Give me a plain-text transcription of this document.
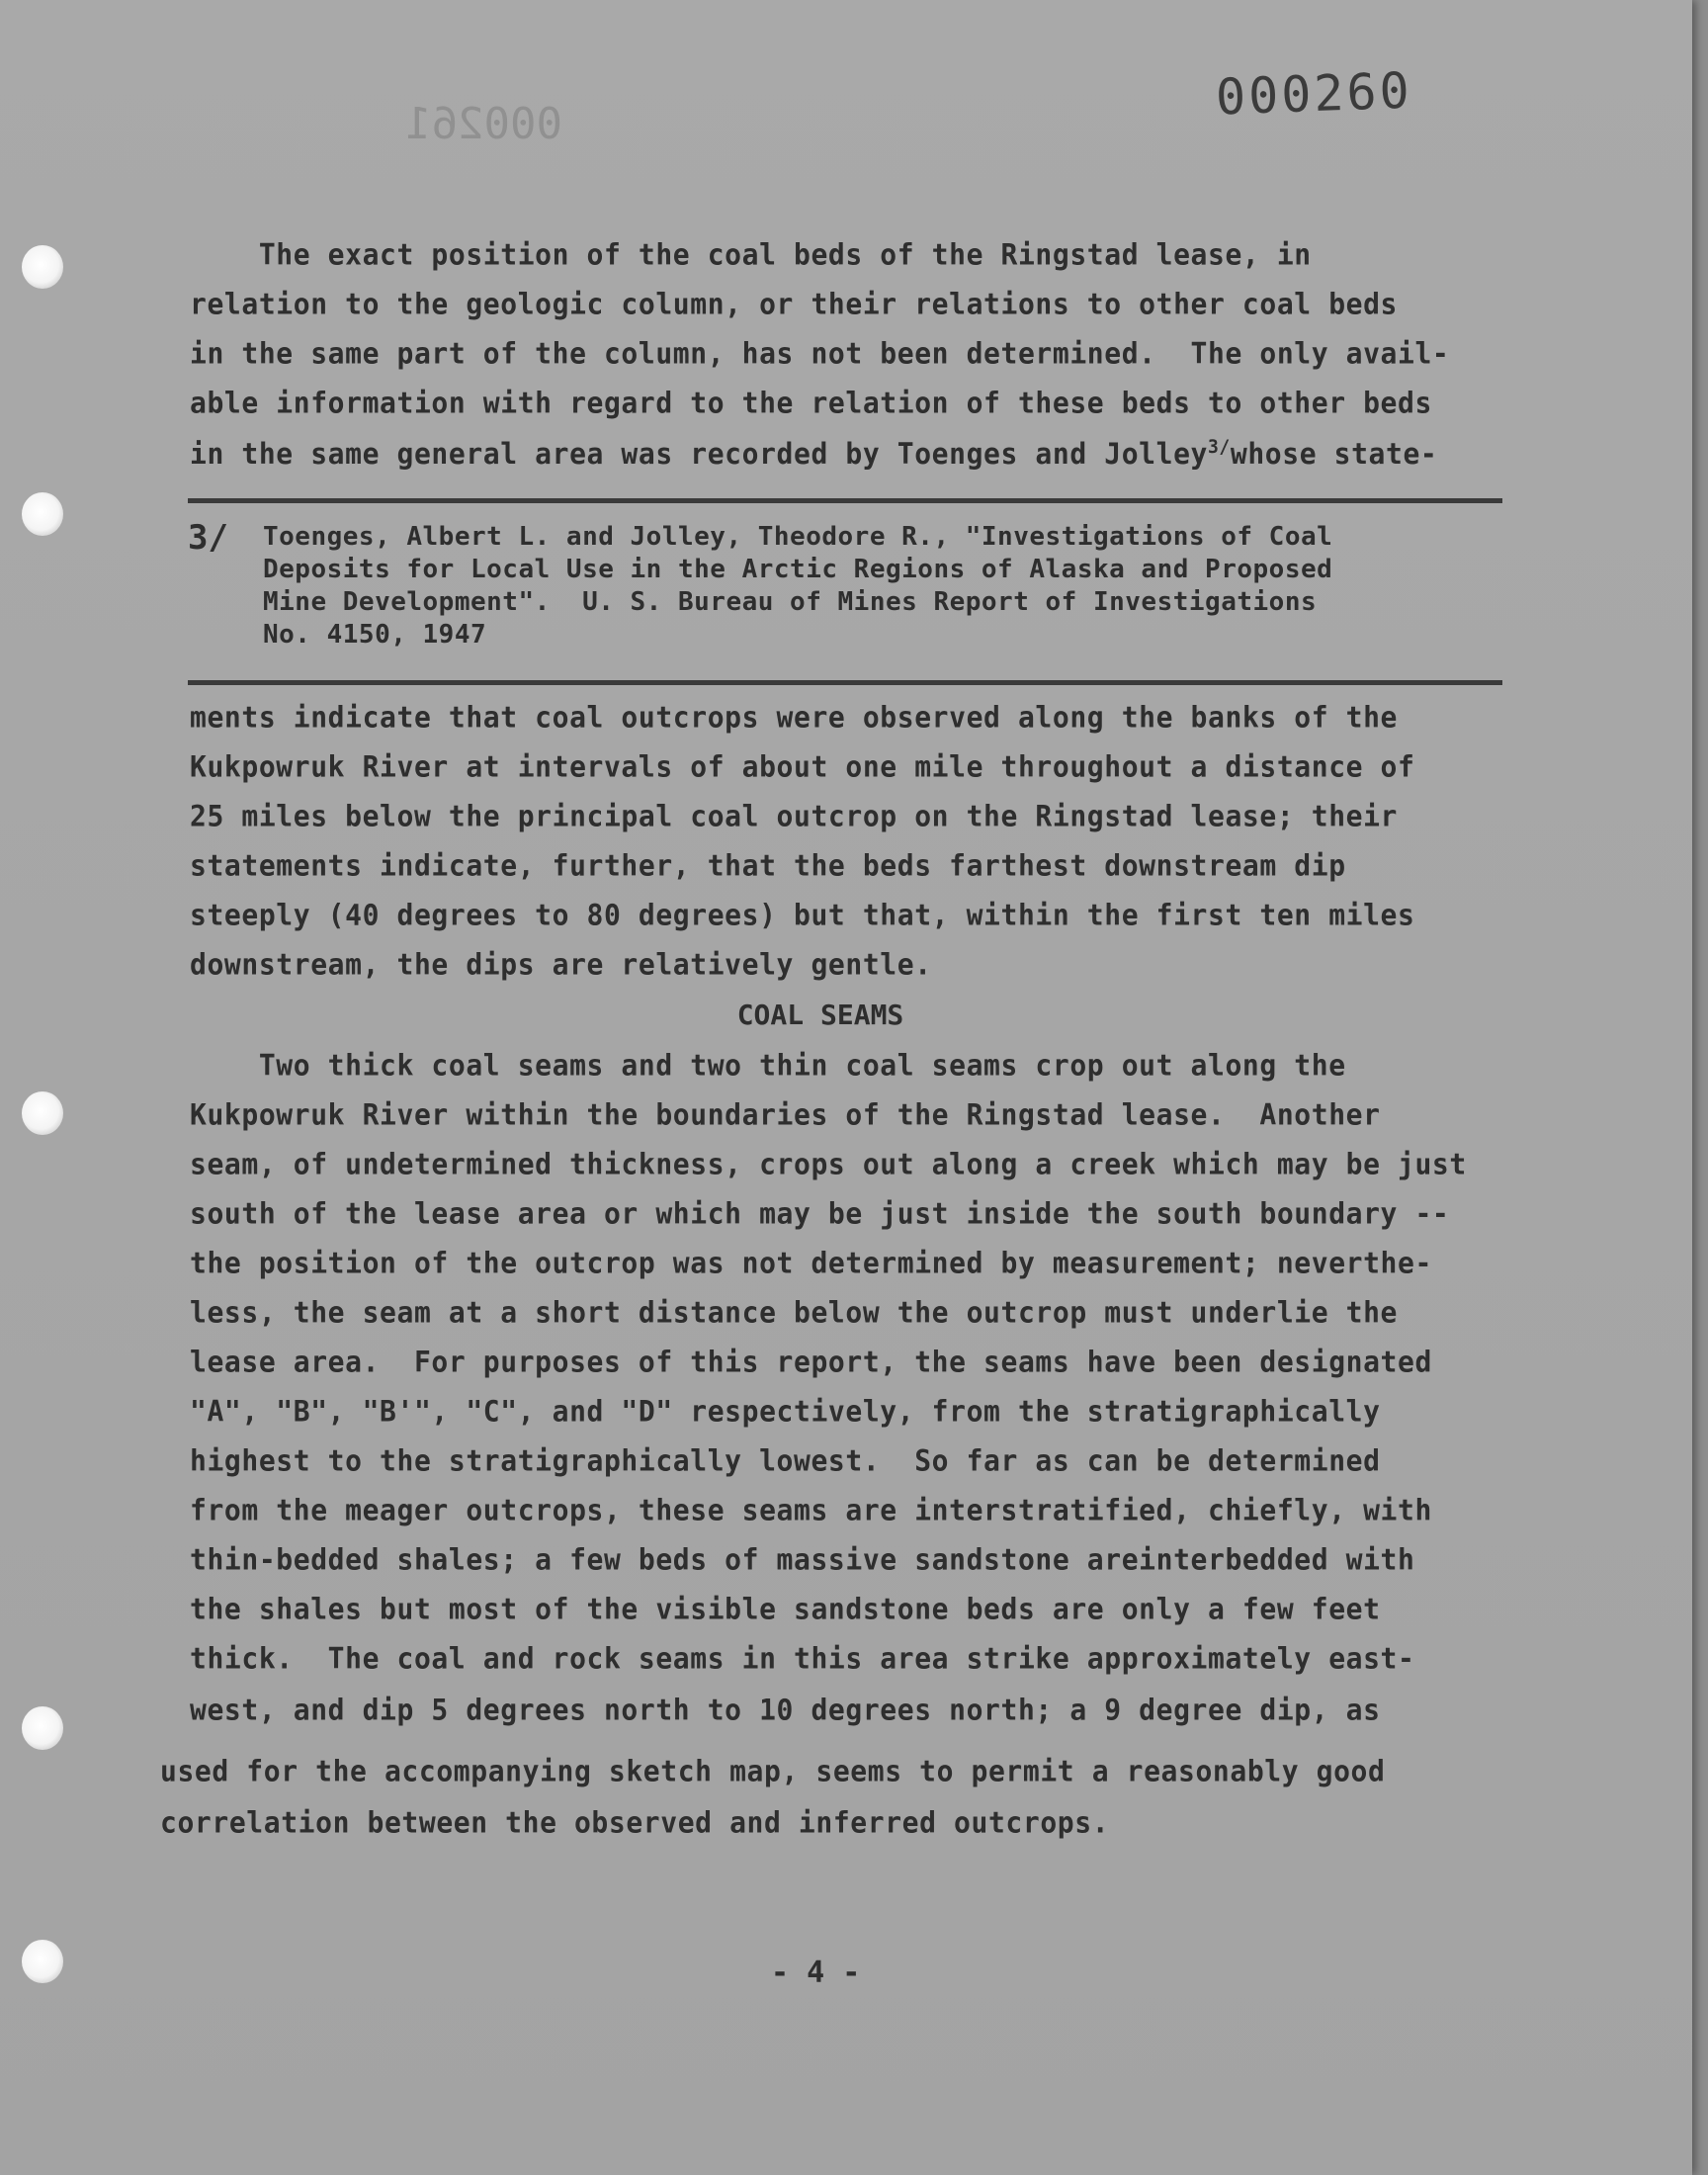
000261	000260
The exact position of the coal beds of the Ringstad lease, in
relation to the geologic column, or their relations to other coal beds
in the same part of the column, has not been determined.  The only avail-
able information with regard to the relation of these beds to other beds
in the same general area was recorded by Toenges and Jolley$^{3/}$whose state-
3/ Toenges, Albert L. and Jolley, Theodore R., "Investigations of Coal
Deposits for Local Use in the Arctic Regions of Alaska and Proposed
Mine Development".  U. S. Bureau of Mines Report of Investigations
No. 4150, 1947
ments indicate that coal outcrops were observed along the banks of the
Kukpowruk River at intervals of about one mile throughout a distance of
25 miles below the principal coal outcrop on the Ringstad lease; their
statements indicate, further, that the beds farthest downstream dip
steeply (40 degrees to 80 degrees) but that, within the first ten miles
downstream, the dips are relatively gentle.
COAL SEAMS
Two thick coal seams and two thin coal seams crop out along the
Kukpowruk River within the boundaries of the Ringstad lease.  Another
seam, of undetermined thickness, crops out along a creek which may be just
south of the lease area or which may be just inside the south boundary --
the position of the outcrop was not determined by measurement; neverthe-
less, the seam at a short distance below the outcrop must underlie the
lease area.  For purposes of this report, the seams have been designated
"A", "B", "B'", "C", and "D" respectively, from the stratigraphically
highest to the stratigraphically lowest.  So far as can be determined
from the meager outcrops, these seams are interstratified, chiefly, with
thin-bedded shales; a few beds of massive sandstone areinterbedded with
the shales but most of the visible sandstone beds are only a few feet
thick.  The coal and rock seams in this area strike approximately east-
west, and dip 5 degrees north to 10 degrees north; a 9 degree dip, as
used for the accompanying sketch map, seems to permit a reasonably good
correlation between the observed and inferred outcrops.
- 4 -
